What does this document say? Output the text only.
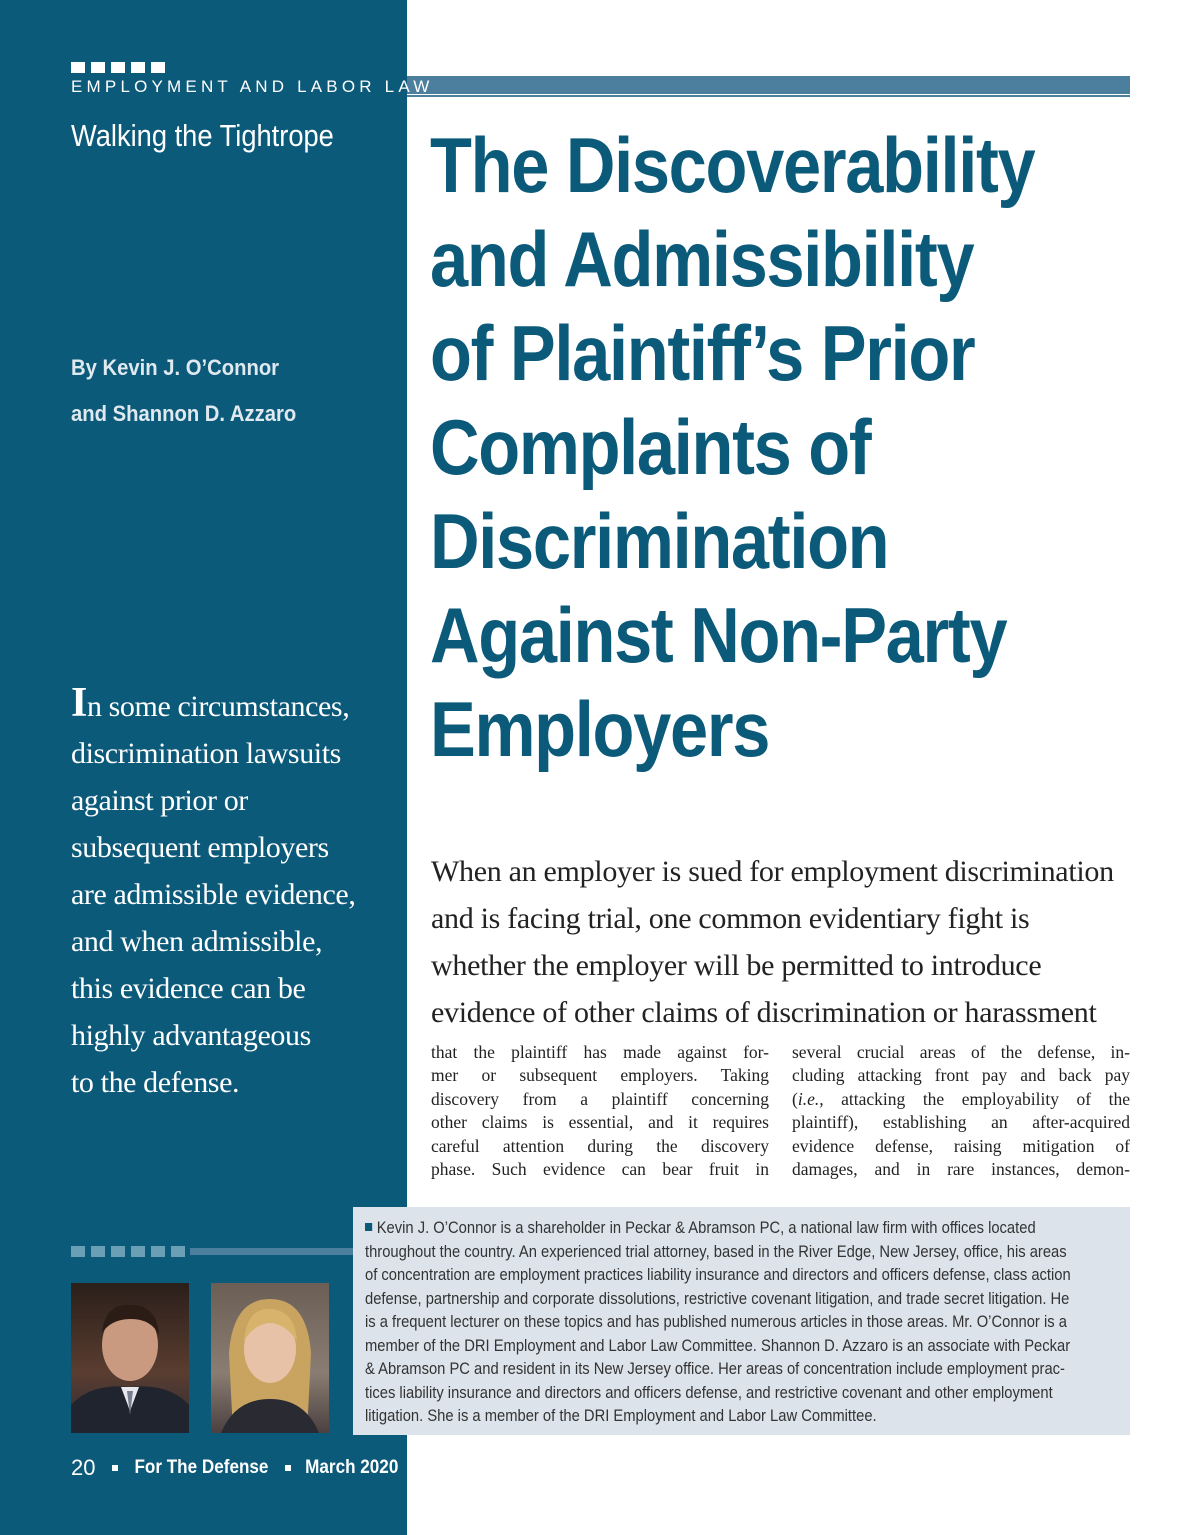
EMPLOYMENT AND LABOR LAW
Walking the Tightrope
By Kevin J. O’Connor
and Shannon D. Azzaro
In some circumstances,
discrimination lawsuits
against prior or
subsequent employers
are admissible evidence,
and when admissible,
this evidence can be
highly advantageous
to the defense.
The Discoverability
and Admissibility
of Plaintiff’s Prior
Complaints of
Discrimination
Against Non-Party
Employers
When an employer is sued for employment discrimination
and is facing trial, one common evidentiary fight is
whether the employer will be permitted to introduce
evidence of other claims of discrimination or harassment
that the plaintiff has made against for-
mer or subsequent employers. Taking
discovery from a plaintiff concerning
other claims is essential, and it requires
careful attention during the discovery
phase. Such evidence can bear fruit in
several crucial areas of the defense, in-
cluding attacking front pay and back pay
(i.e., attacking the employability of the
plaintiff), establishing an after-acquired
evidence defense, raising mitigation of
damages, and in rare instances, demon-
Kevin J. O’Connor is a shareholder in Peckar & Abramson PC, a national law firm with offices located
throughout the country. An experienced trial attorney, based in the River Edge, New Jersey, office, his areas
of concentration are employment practices liability insurance and directors and officers defense, class action
defense, partnership and corporate dissolutions, restrictive covenant litigation, and trade secret litigation. He
is a frequent lecturer on these topics and has published numerous articles in those areas. Mr. O’Connor is a
member of the DRI Employment and Labor Law Committee. Shannon D. Azzaro is an associate with Peckar
& Abramson PC and resident in its New Jersey office. Her areas of concentration include employment prac-
tices liability insurance and directors and officers defense, and restrictive covenant and other employment
litigation. She is a member of the DRI Employment and Labor Law Committee.
20 For The Defense March 2020
